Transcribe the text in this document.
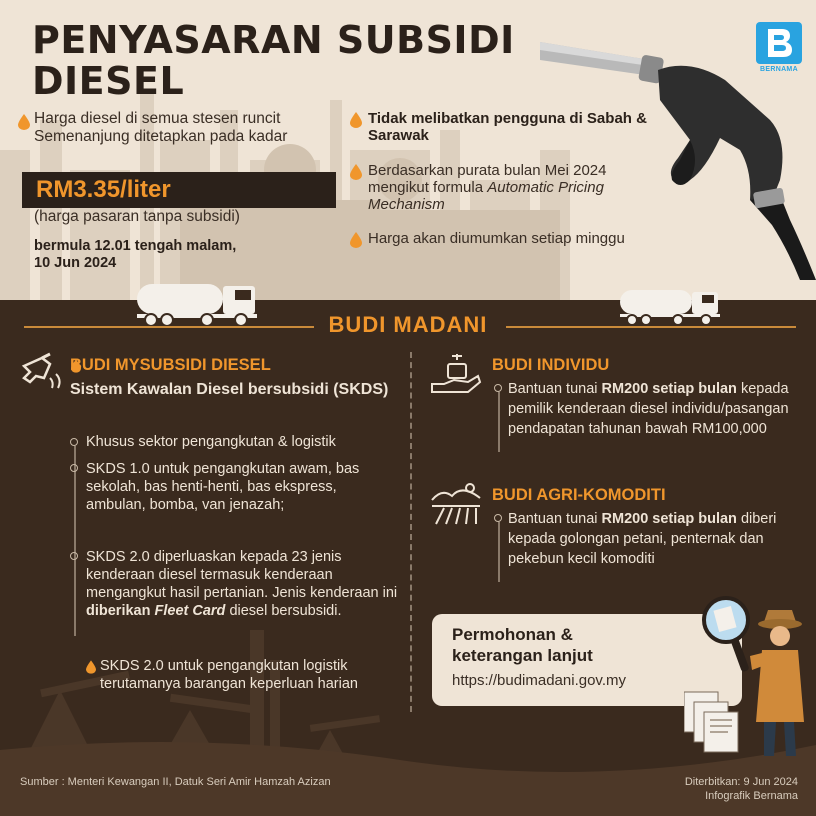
PENYASARAN SUBSIDI
DIESEL	BERNAMA
Harga diesel di semua stesen runcit Semenanjung ditetapkan pada kadar
RM3.35/liter
(harga pasaran tanpa subsidi)
bermula 12.01 tengah malam,
10 Jun 2024
Tidak melibatkan pengguna di Sabah & Sarawak
Berdasarkan purata bulan Mei 2024 mengikut formula Automatic Pricing Mechanism
Harga akan diumumkan setiap minggu
BUDI MADANI
BUDI MYSUBSIDI DIESEL
Sistem Kawalan Diesel bersubsidi (SKDS)
Khusus sektor pengangkutan & logistik
SKDS 1.0 untuk pengangkutan awam, bas sekolah, bas henti-henti, bas ekspress, ambulan, bomba, van jenazah;
SKDS 2.0 diperluaskan kepada 23 jenis kenderaan diesel termasuk kenderaan mengangkut hasil pertanian. Jenis kenderaan ini diberikan Fleet Card diesel bersubsidi.
SKDS 2.0 untuk pengangkutan logistik terutamanya barangan keperluan harian
BUDI INDIVIDU
Bantuan tunai RM200 setiap bulan kepada pemilik kenderaan diesel individu/pasangan pendapatan tahunan bawah RM100,000
BUDI AGRI-KOMODITI
Bantuan tunai RM200 setiap bulan diberi kepada golongan petani, penternak dan pekebun kecil komoditi
Permohonan &
keterangan lanjut
https://budimadani.gov.my
Sumber : Menteri Kewangan II, Datuk Seri Amir Hamzah Azizan	Diterbitkan: 9 Jun 2024
Infografik Bernama
